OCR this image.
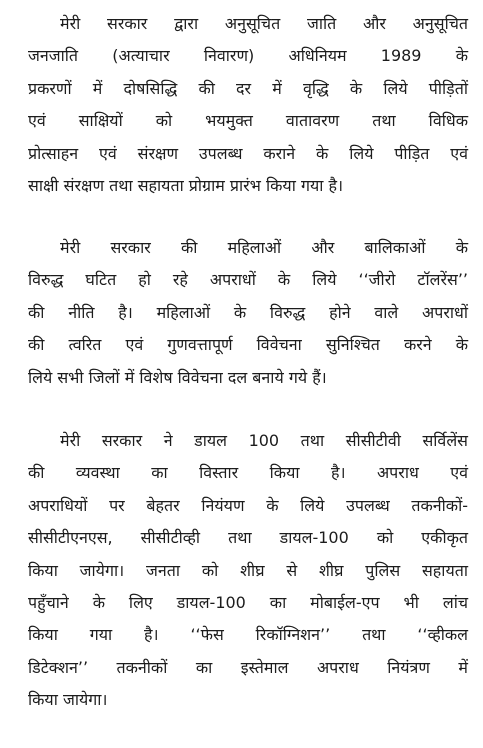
मेरी सरकार द्वारा अनुसूचित जाति और अनुसूचित
जनजाति (अत्याचार निवारण) अधिनियम 1989 के
प्रकरणों में दोषसिद्धि की दर में वृद्धि के लिये पीड़ितों
एवं साक्षियों को भयमुक्त वातावरण तथा विधिक
प्रोत्साहन एवं संरक्षण उपलब्ध कराने के लिये पीड़ित एवं
साक्षी संरक्षण तथा सहायता प्रोग्राम प्रारंभ किया गया है।
मेरी सरकार की महिलाओं और बालिकाओं के
विरुद्ध घटित हो रहे अपराधों के लिये ‘‘जीरो टॉलरेंस’’
की नीति है। महिलाओं के विरुद्ध होने वाले अपराधों
की त्वरित एवं गुणवत्तापूर्ण विवेचना सुनिश्चित करने के
लिये सभी जिलों में विशेष विवेचना दल बनाये गये हैं।
मेरी सरकार ने डायल 100 तथा सीसीटीवी सर्विलेंस
की व्यवस्था का विस्तार किया है। अपराध एवं
अपराधियों पर बेहतर नियंयण के लिये उपलब्ध तकनीकों-
सीसीटीएनएस, सीसीटीव्ही तथा डायल-100 को एकीकृत
किया जायेगा। जनता को शीघ्र से शीघ्र पुलिस सहायता
पहुँचाने के लिए डायल-100 का मोबाईल-एप भी लांच
किया गया है। ‘‘फेस रिकॉग्निशन’’ तथा ‘‘व्हीकल
डिटेक्शन’’ तकनीकों का इस्तेमाल अपराध नियंत्रण में
किया जायेगा।
